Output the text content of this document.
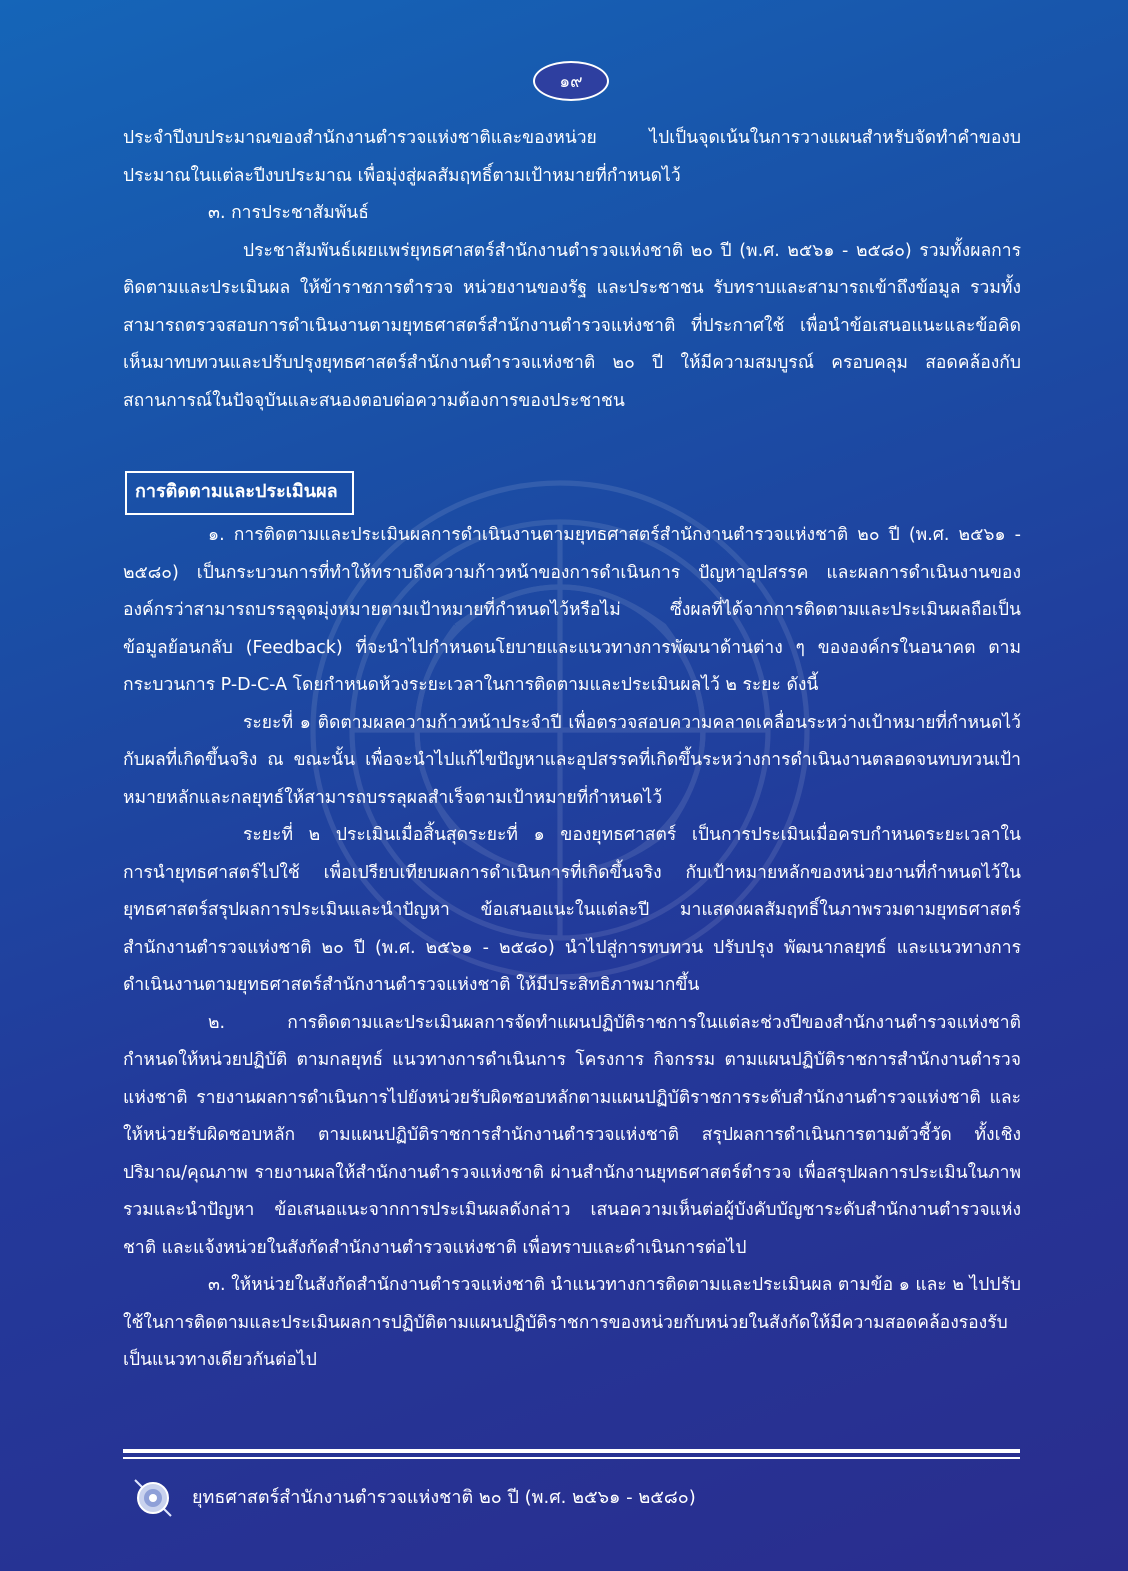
๑๙

ประจำปีงบประมาณของสำนักงานตำรวจแห่งชาติและของหน่วย ไปเป็นจุดเน้นในการวางแผนสำหรับจัดทำคำของบประมาณในแต่ละปีงบประมาณ เพื่อมุ่งสู่ผลสัมฤทธิ์ตามเป้าหมายที่กำหนดไว้

๓. การประชาสัมพันธ์

ประชาสัมพันธ์เผยแพร่ยุทธศาสตร์สำนักงานตำรวจแห่งชาติ ๒๐ ปี (พ.ศ. ๒๕๖๑ - ๒๕๘๐) รวมทั้งผลการติดตามและประเมินผล ให้ข้าราชการตำรวจ หน่วยงานของรัฐ และประชาชน รับทราบและสามารถเข้าถึงข้อมูล รวมทั้งสามารถตรวจสอบการดำเนินงานตามยุทธศาสตร์สำนักงานตำรวจแห่งชาติ ที่ประกาศใช้ เพื่อนำข้อเสนอแนะและข้อคิดเห็นมาทบทวนและปรับปรุงยุทธศาสตร์สำนักงานตำรวจแห่งชาติ ๒๐ ปี ให้มีความสมบูรณ์ ครอบคลุม สอดคล้องกับสถานการณ์ในปัจจุบันและสนองตอบต่อความต้องการของประชาชน

การติดตามและประเมินผล

๑. การติดตามและประเมินผลการดำเนินงานตามยุทธศาสตร์สำนักงานตำรวจแห่งชาติ ๒๐ ปี (พ.ศ. ๒๕๖๑ - ๒๕๘๐) เป็นกระบวนการที่ทำให้ทราบถึงความก้าวหน้าของการดำเนินการ ปัญหาอุปสรรค และผลการดำเนินงานขององค์กรว่าสามารถบรรลุจุดมุ่งหมายตามเป้าหมายที่กำหนดไว้หรือไม่ ซึ่งผลที่ได้จากการติดตามและประเมินผลถือเป็นข้อมูลย้อนกลับ (Feedback) ที่จะนำไปกำหนดนโยบายและแนวทางการพัฒนาด้านต่าง ๆ ขององค์กรในอนาคต ตามกระบวนการ P-D-C-A โดยกำหนดห้วงระยะเวลาในการติดตามและประเมินผลไว้ ๒ ระยะ ดังนี้

ระยะที่ ๑ ติดตามผลความก้าวหน้าประจำปี เพื่อตรวจสอบความคลาดเคลื่อนระหว่างเป้าหมายที่กำหนดไว้กับผลที่เกิดขึ้นจริง ณ ขณะนั้น เพื่อจะนำไปแก้ไขปัญหาและอุปสรรคที่เกิดขึ้นระหว่างการดำเนินงานตลอดจนทบทวนเป้าหมายหลักและกลยุทธ์ให้สามารถบรรลุผลสำเร็จตามเป้าหมายที่กำหนดไว้

ระยะที่ ๒ ประเมินเมื่อสิ้นสุดระยะที่ ๑ ของยุทธศาสตร์ เป็นการประเมินเมื่อครบกำหนดระยะเวลาในการนำยุทธศาสตร์ไปใช้ เพื่อเปรียบเทียบผลการดำเนินการที่เกิดขึ้นจริง กับเป้าหมายหลักของหน่วยงานที่กำหนดไว้ในยุทธศาสตร์สรุปผลการประเมินและนำปัญหา ข้อเสนอแนะในแต่ละปี มาแสดงผลสัมฤทธิ์ในภาพรวมตามยุทธศาสตร์สำนักงานตำรวจแห่งชาติ ๒๐ ปี (พ.ศ. ๒๕๖๑ - ๒๕๘๐) นำไปสู่การทบทวน ปรับปรุง พัฒนากลยุทธ์ และแนวทางการดำเนินงานตามยุทธศาสตร์สำนักงานตำรวจแห่งชาติ ให้มีประสิทธิภาพมากขึ้น

๒. การติดตามและประเมินผลการจัดทำแผนปฏิบัติราชการในแต่ละช่วงปีของสำนักงานตำรวจแห่งชาติ กำหนดให้หน่วยปฏิบัติ ตามกลยุทธ์ แนวทางการดำเนินการ โครงการ กิจกรรม ตามแผนปฏิบัติราชการสำนักงานตำรวจแห่งชาติ รายงานผลการดำเนินการไปยังหน่วยรับผิดชอบหลักตามแผนปฏิบัติราชการระดับสำนักงานตำรวจแห่งชาติ และให้หน่วยรับผิดชอบหลัก ตามแผนปฏิบัติราชการสำนักงานตำรวจแห่งชาติ สรุปผลการดำเนินการตามตัวชี้วัด ทั้งเชิงปริมาณ/คุณภาพ รายงานผลให้สำนักงานตำรวจแห่งชาติ ผ่านสำนักงานยุทธศาสตร์ตำรวจ เพื่อสรุปผลการประเมินในภาพรวมและนำปัญหา ข้อเสนอแนะจากการประเมินผลดังกล่าว เสนอความเห็นต่อผู้บังคับบัญชาระดับสำนักงานตำรวจแห่งชาติ และแจ้งหน่วยในสังกัดสำนักงานตำรวจแห่งชาติ เพื่อทราบและดำเนินการต่อไป

๓. ให้หน่วยในสังกัดสำนักงานตำรวจแห่งชาติ นำแนวทางการติดตามและประเมินผล ตามข้อ ๑ และ ๒ ไปปรับใช้ในการติดตามและประเมินผลการปฏิบัติตามแผนปฏิบัติราชการของหน่วยกับหน่วยในสังกัดให้มีความสอดคล้องรองรับเป็นแนวทางเดียวกันต่อไป

ยุทธศาสตร์สำนักงานตำรวจแห่งชาติ ๒๐ ปี (พ.ศ. ๒๕๖๑ - ๒๕๘๐)
